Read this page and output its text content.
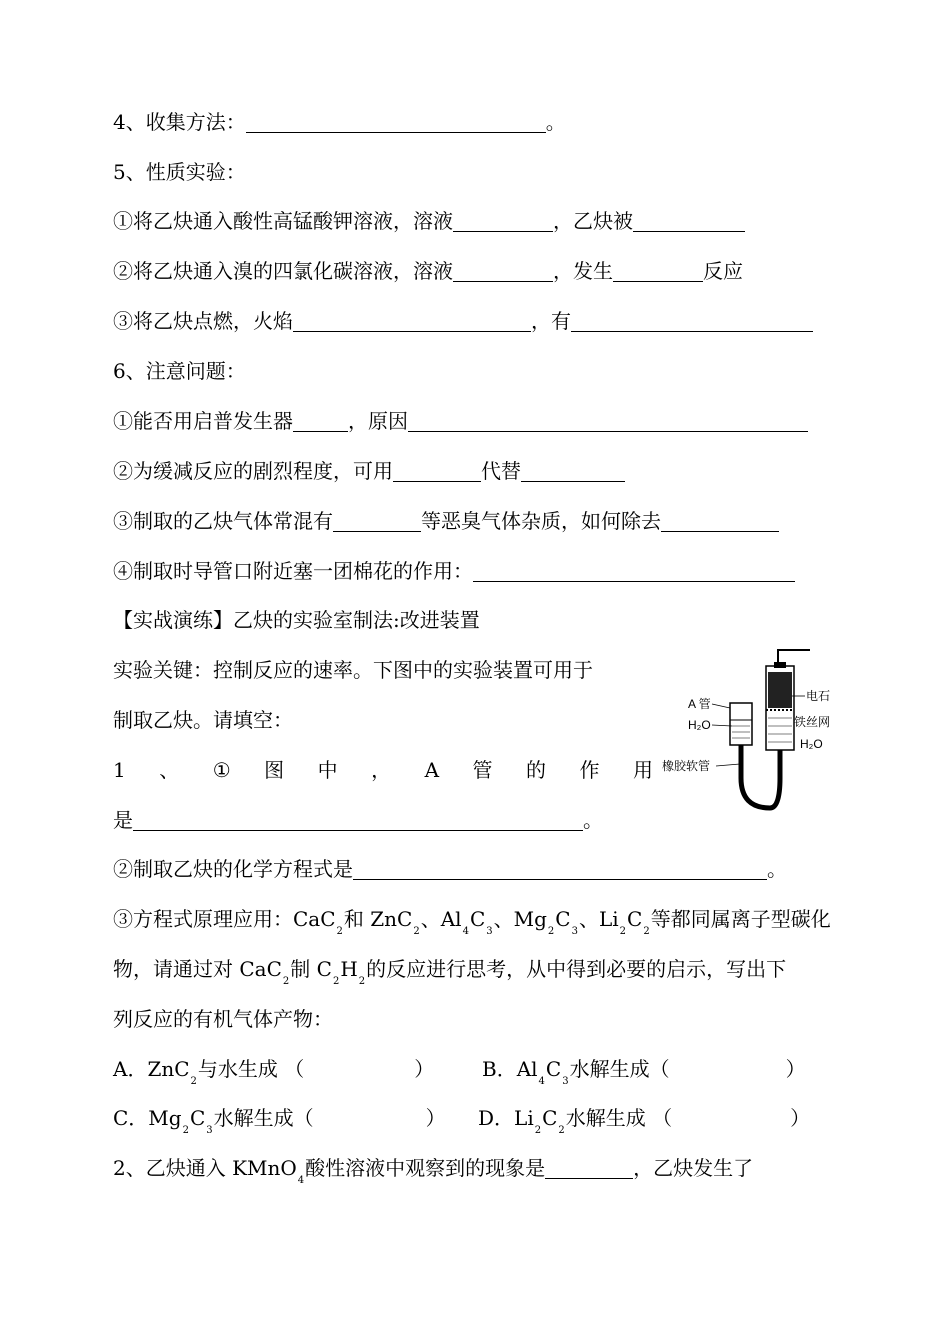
4、收集方法：	。
5、性质实验：
①将乙炔通入酸性高锰酸钾溶液，溶液	，乙炔被
②将乙炔通入溴的四氯化碳溶液，溶液	，发生	反应
③将乙炔点燃，火焰	，有
6、注意问题：
①能否用启普发生器	，原因
②为缓减反应的剧烈程度，可用	代替
③制取的乙炔气体常混有	等恶臭气体杂质，如何除去
④制取时导管口附近塞一团棉花的作用：
【实战演练】乙炔的实验室制法:改进装置
实验关键：控制反应的速率。下图中的实验装置可用于
制取乙炔。请填空：
1 、 ① 图 中 ， A 管 的 作 用
是	。
②制取乙炔的化学方程式是	。
③方程式原理应用：CaC$_2$和 ZnC$_2$、$Al_4C_3$、$Mg_2C_3$、$Li_2C_2$等都同属离子型碳化
物，请通过对 CaC$_2$制 $C_2H_2$的反应进行思考，从中得到必要的启示，写出下
列反应的有机气体产物：
A．ZnC$_2$与水生成 （	） B．$Al_4C_3$水解生成（	）
C．$Mg_2C_3$水解生成（	） D．$Li_2C_2$水解生成 （	）
2、乙炔通入 KMnO$_4$酸性溶液中观察到的现象是	，乙炔发生了
A 管
H₂O
电石
铁丝网
H₂O
橡胶软管
